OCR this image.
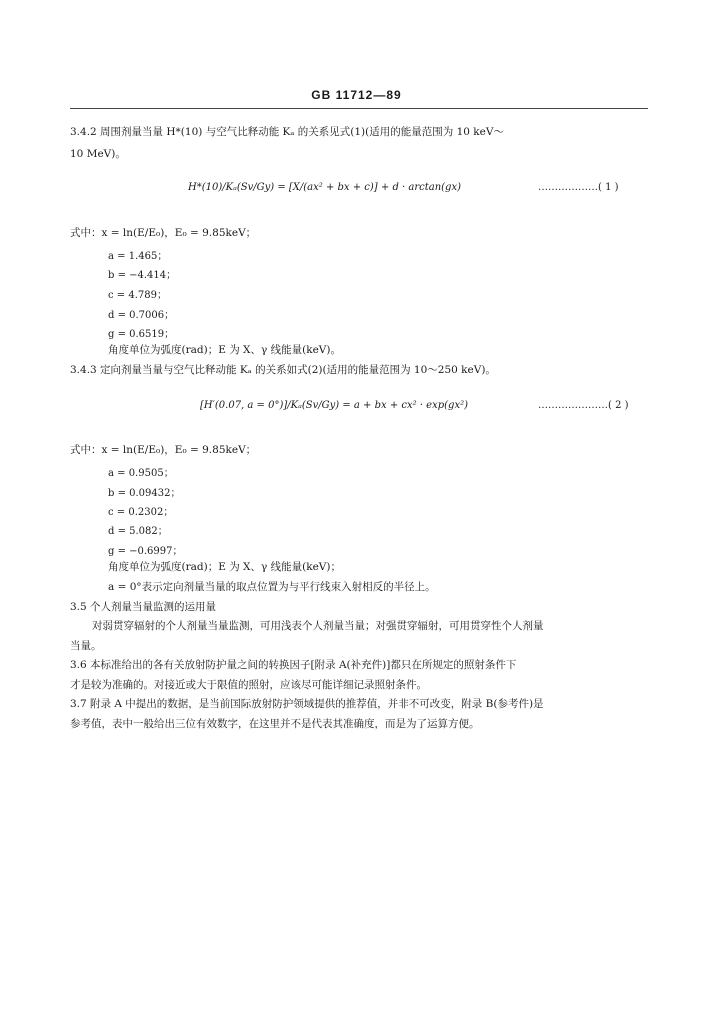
GB 11712—89
3.4.2 周围剂量当量 H*(10) 与空气比释动能 Kₐ 的关系见式(1)(适用的能量范围为 10 keV～
10 MeV)。
H*(10)/Kₐ(Sv/Gy) = [X/(ax² + bx + c)] + d · arctan(gx)	………………( 1 )
式中：x = ln(E/E₀)，E₀ = 9.85keV；
a = 1.465；
b = −4.414；
c = 4.789；
d = 0.7006；
g = 0.6519；
角度单位为弧度(rad)；E 为 X、γ 线能量(keV)。
3.4.3 定向剂量当量与空气比释动能 Kₐ 的关系如式(2)(适用的能量范围为 10～250 keV)。
[H′(0.07, a = 0°)]/Kₐ(Sv/Gy) = a + bx + cx² · exp(gx²)	…………………( 2 )
式中：x = ln(E/E₀)，E₀ = 9.85keV；
a = 0.9505；
b = 0.09432；
c = 0.2302；
d = 5.082；
g = −0.6997；
角度单位为弧度(rad)；E 为 X、γ 线能量(keV)；
a = 0°表示定向剂量当量的取点位置为与平行线束入射相反的半径上。
3.5 个人剂量当量监测的运用量
对弱贯穿辐射的个人剂量当量监测，可用浅表个人剂量当量；对强贯穿辐射，可用贯穿性个人剂量
当量。
3.6 本标准给出的各有关放射防护量之间的转换因子[附录 A(补充件)]都只在所规定的照射条件下
才是较为准确的。对接近或大于限值的照射，应该尽可能详细记录照射条件。
3.7 附录 A 中提出的数据，是当前国际放射防护领域提供的推荐值，并非不可改变，附录 B(参考件)是
参考值，表中一般给出三位有效数字，在这里并不是代表其准确度，而是为了运算方便。
